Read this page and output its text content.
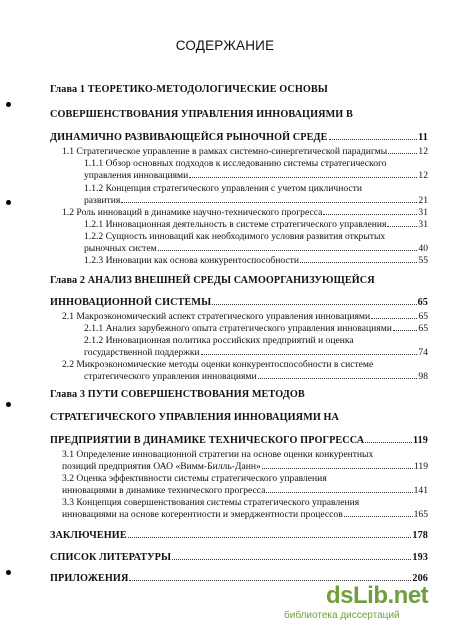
СОДЕРЖАНИЕ
Глава 1 ТЕОРЕТИКО-МЕТОДОЛОГИЧЕСКИЕ ОСНОВЫ
СОВЕРШЕНСТВОВАНИЯ УПРАВЛЕНИЯ ИННОВАЦИЯМИ В
ДИНАМИЧНО РАЗВИВАЮЩЕЙСЯ РЫНОЧНОЙ СРЕДЕ	11
1.1 Стратегическое управление в рамках системно-синергетической парадигмы	12
1.1.1 Обзор основных подходов к исследованию системы стратегического
управления инновациями	12
1.1.2 Концепция стратегического управления с учетом цикличности
развития	21
1.2 Роль инноваций в динамике научно-технического прогресса	31
1.2.1 Инновационная деятельность в системе стратегического управления	31
1.2.2 Сущность инноваций как необходимого условия развития открытых
рыночных систем	40
1.2.3 Инновации как основа конкурентоспособности	55
Глава 2 АНАЛИЗ ВНЕШНЕЙ СРЕДЫ САМООРГАНИЗУЮЩЕЙСЯ
ИННОВАЦИОННОЙ СИСТЕМЫ	65
2.1 Макроэкономический аспект стратегического управления инновациями	65
2.1.1 Анализ зарубежного опыта стратегического управления инновациями	65
2.1.2 Инновационная политика российских предприятий и оценка
государственной поддержки	74
2.2 Микроэкономические методы оценки конкурентоспособности в системе
стратегического управления инновациями	98
Глава 3 ПУТИ СОВЕРШЕНСТВОВАНИЯ МЕТОДОВ
СТРАТЕГИЧЕСКОГО УПРАВЛЕНИЯ ИННОВАЦИЯМИ НА
ПРЕДПРИЯТИИ В ДИНАМИКЕ ТЕХНИЧЕСКОГО ПРОГРЕССА	119
3.1 Определение инновационной стратегии на основе оценки конкурентных
позиций предприятия ОАО «Вимм-Билль-Данн»	119
3.2 Оценка эффективности системы стратегического управления
инновациями в динамике технического прогресса	141
3.3 Концепция совершенствования системы стратегического управления
инновациями на основе когерентности и эмерджентности процессов	165
ЗАКЛЮЧЕНИЕ	178
СПИСОК ЛИТЕРАТУРЫ	193
ПРИЛОЖЕНИЯ	206
dsLib.net
библиотека диссертаций
